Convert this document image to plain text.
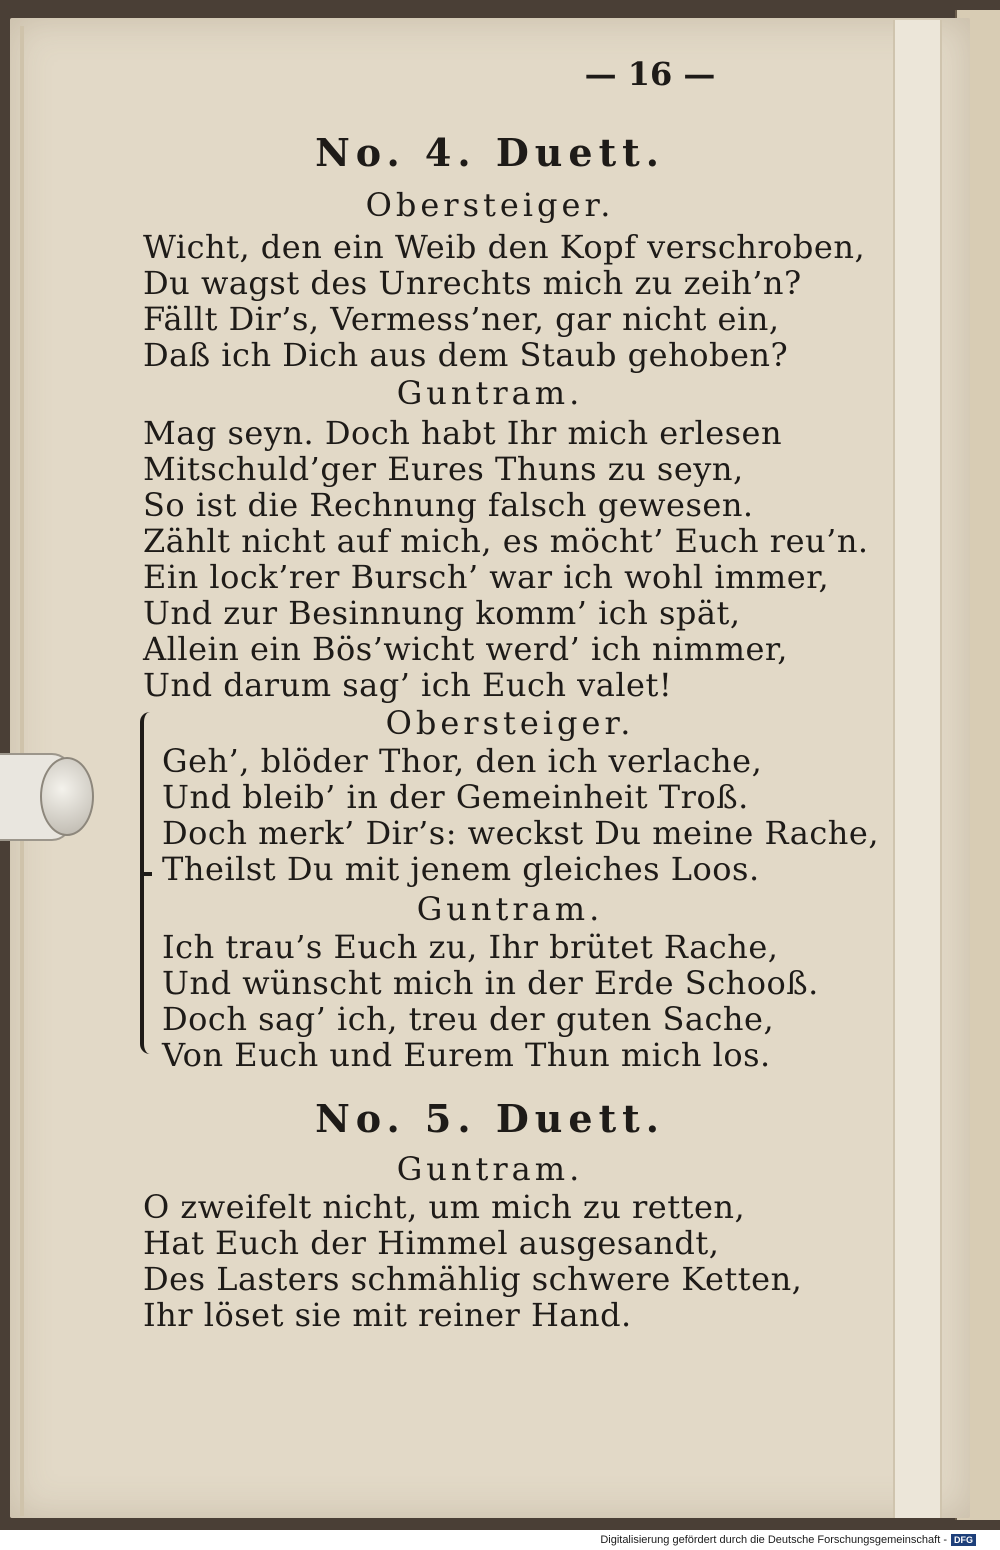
— 16 —
No. 4. Duett.
Obersteiger.
Wicht, den ein Weib den Kopf verschroben,
Du wagst des Unrechts mich zu zeih’n?
Fällt Dir’s, Vermess’ner, gar nicht ein,
Daß ich Dich aus dem Staub gehoben?
Guntram.
Mag seyn. Doch habt Ihr mich erlesen
Mitschuld’ger Eures Thuns zu seyn,
So ist die Rechnung falsch gewesen.
Zählt nicht auf mich, es möcht’ Euch reu’n.
Ein lock’rer Bursch’ war ich wohl immer,
Und zur Besinnung komm’ ich spät,
Allein ein Bös’wicht werd’ ich nimmer,
Und darum sag’ ich Euch valet!
Obersteiger.
Geh’, blöder Thor, den ich verlache,
Und bleib’ in der Gemeinheit Troß.
Doch merk’ Dir’s: weckst Du meine Rache,
Theilst Du mit jenem gleiches Loos.
Guntram.
Ich trau’s Euch zu, Ihr brütet Rache,
Und wünscht mich in der Erde Schooß.
Doch sag’ ich, treu der guten Sache,
Von Euch und Eurem Thun mich los.
No. 5. Duett.
Guntram.
O zweifelt nicht, um mich zu retten,
Hat Euch der Himmel ausgesandt,
Des Lasters schmählig schwere Ketten,
Ihr löset sie mit reiner Hand.
Digitalisierung gefördert durch die Deutsche Forschungsgemeinschaft - DFG
